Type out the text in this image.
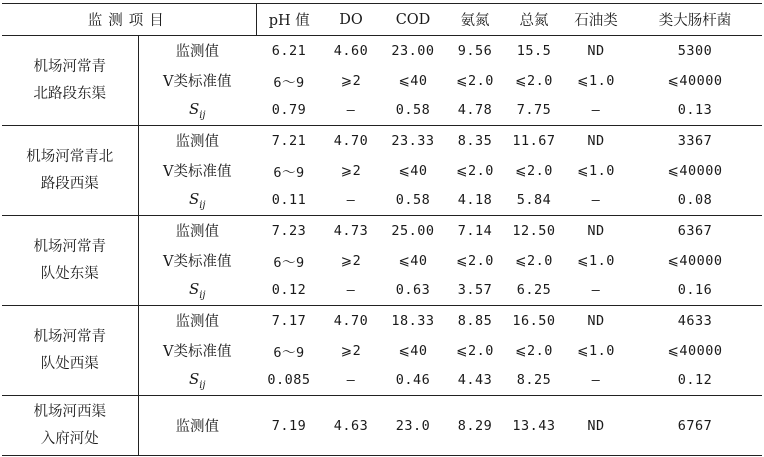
监测项目		pH 值	DO	COD	氨氮	总氮	石油类	类大肠杆菌

机场河常青
北路段东渠	监测值	6.21	4.60	23.00	9.56	15.5	ND	5300
	V类标准值	6～9	⩾2	⩽40	⩽2.0	⩽2.0	⩽1.0	⩽40000
	$S_{ij}$	0.79	—	0.58	4.78	7.75	—	0.13

机场河常青北
路段西渠	监测值	7.21	4.70	23.33	8.35	11.67	ND	3367
	V类标准值	6～9	⩾2	⩽40	⩽2.0	⩽2.0	⩽1.0	⩽40000
	$S_{ij}$	0.11	—	0.58	4.18	5.84	—	0.08

机场河常青
队处东渠	监测值	7.23	4.73	25.00	7.14	12.50	ND	6367
	V类标准值	6～9	⩾2	⩽40	⩽2.0	⩽2.0	⩽1.0	⩽40000
	$S_{ij}$	0.12	—	0.63	3.57	6.25	—	0.16

机场河常青
队处西渠	监测值	7.17	4.70	18.33	8.85	16.50	ND	4633
	V类标准值	6～9	⩾2	⩽40	⩽2.0	⩽2.0	⩽1.0	⩽40000
	$S_{ij}$	0.085	—	0.46	4.43	8.25	—	0.12

机场河西渠
入府河处	监测值	7.19	4.63	23.0	8.29	13.43	ND	6767
